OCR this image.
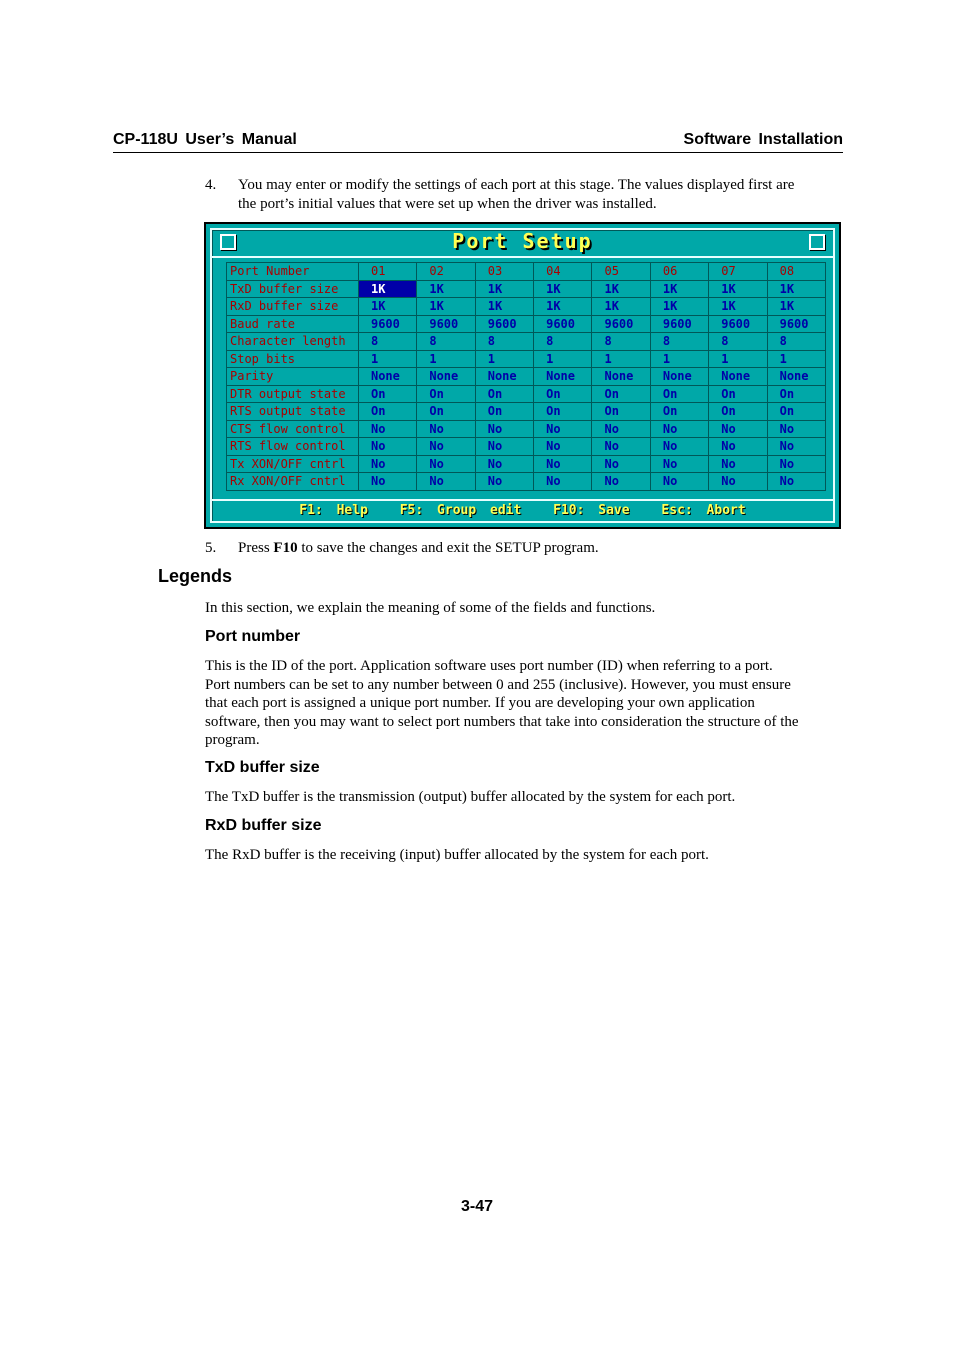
CP-118U User’s Manual	Software Installation
4. You may enter or modify the settings of each port at this stage. The values displayed first are
the port’s initial values that were set up when the driver was installed.
Port Setup
Port Number	01	02	03	04	05	06	07	08
TxD buffer size	1K	1K	1K	1K	1K	1K	1K	1K
RxD buffer size	1K	1K	1K	1K	1K	1K	1K	1K
Baud rate	9600	9600	9600	9600	9600	9600	9600	9600
Character length	8	8	8	8	8	8	8	8
Stop bits	1	1	1	1	1	1	1	1
Parity	None	None	None	None	None	None	None	None
DTR output state	On	On	On	On	On	On	On	On
RTS output state	On	On	On	On	On	On	On	On
CTS flow control	No	No	No	No	No	No	No	No
RTS flow control	No	No	No	No	No	No	No	No
Tx XON/OFF cntrl	No	No	No	No	No	No	No	No
Rx XON/OFF cntrl	No	No	No	No	No	No	No	No
F1: Help F5: Group edit F10: Save Esc: Abort
5. Press F10 to save the changes and exit the SETUP program.
Legends
In this section, we explain the meaning of some of the fields and functions.
Port number
This is the ID of the port. Application software uses port number (ID) when referring to a port.
Port numbers can be set to any number between 0 and 255 (inclusive). However, you must ensure
that each port is assigned a unique port number. If you are developing your own application
software, then you may want to select port numbers that take into consideration the structure of the
program.
TxD buffer size
The TxD buffer is the transmission (output) buffer allocated by the system for each port.
RxD buffer size
The RxD buffer is the receiving (input) buffer allocated by the system for each port.
3-47
